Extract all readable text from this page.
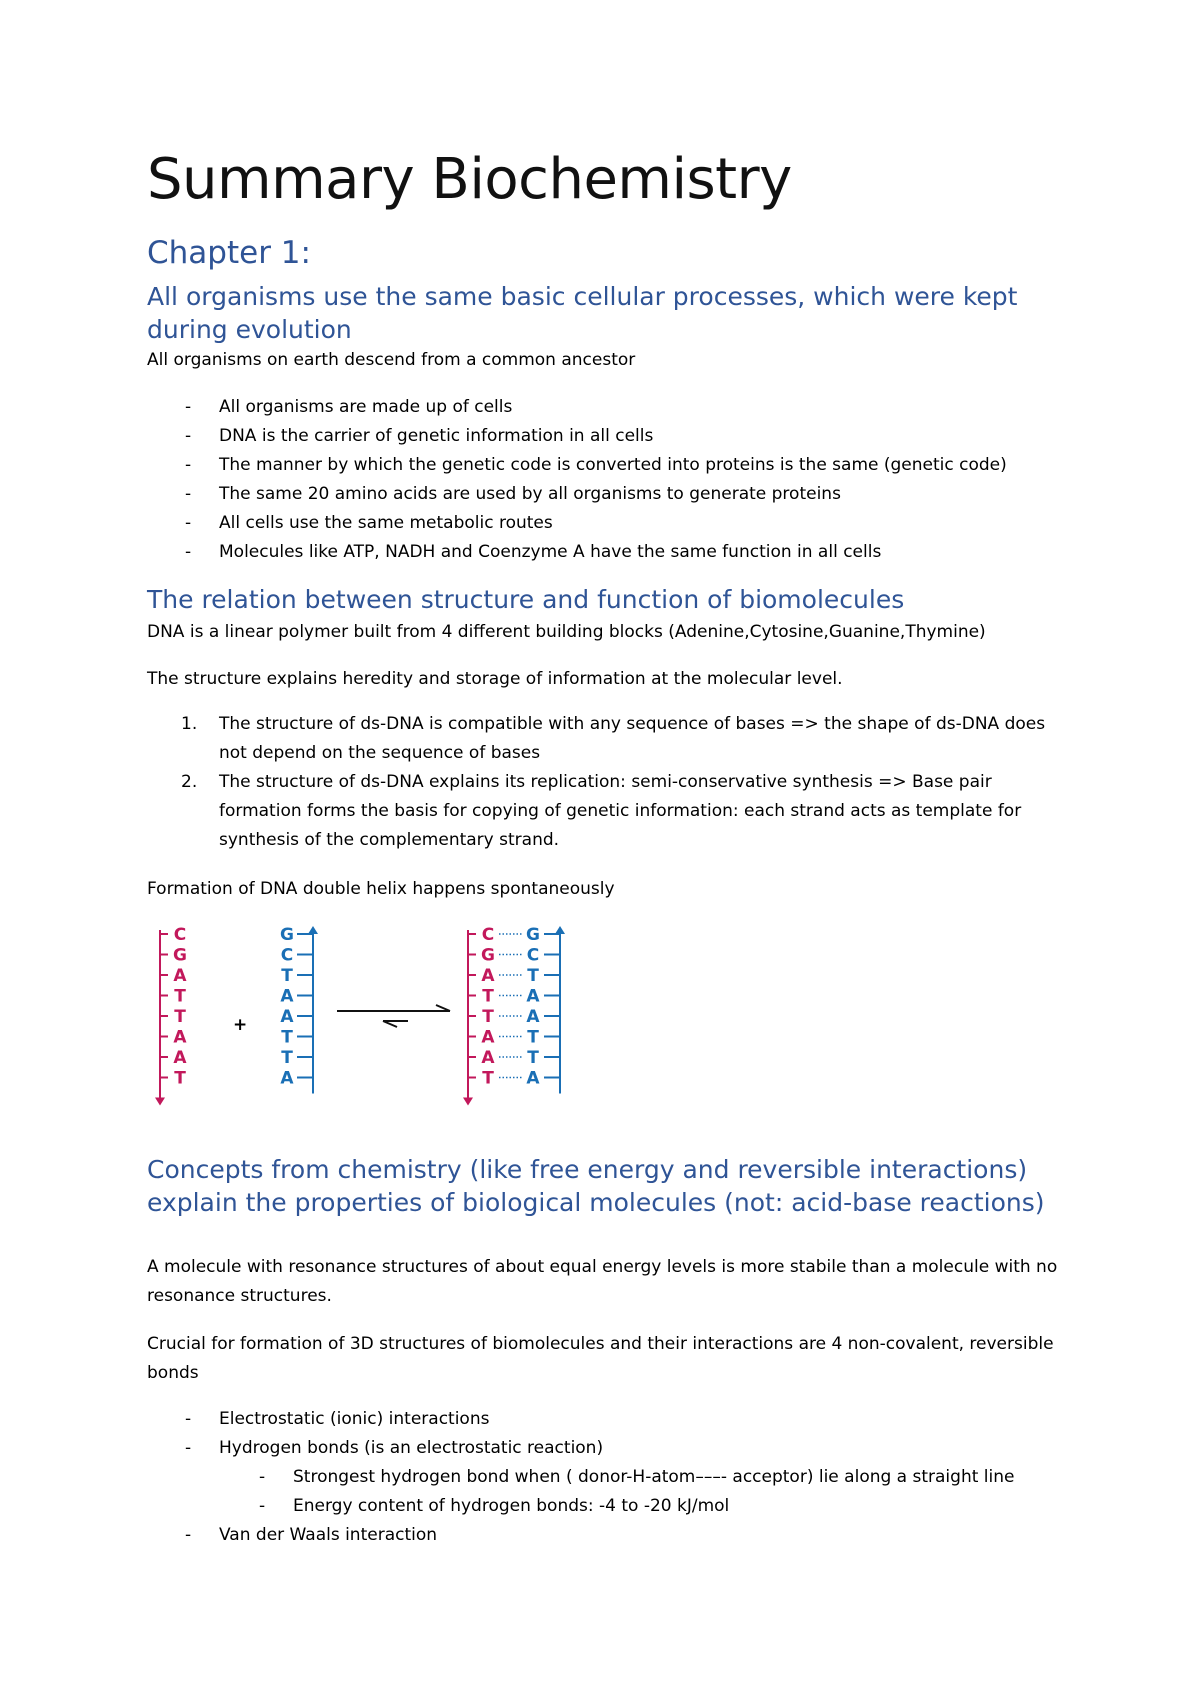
Summary Biochemistry
Chapter 1:
All organisms use the same basic cellular processes, which were kept during evolution

All organisms on earth descend from a common ancestor

- All organisms are made up of cells
- DNA is the carrier of genetic information in all cells
- The manner by which the genetic code is converted into proteins is the same (genetic code)
- The same 20 amino acids are used by all organisms to generate proteins
- All cells use the same metabolic routes
- Molecules like ATP, NADH and Coenzyme A have the same function in all cells
The relation between structure and function of biomolecules

DNA is a linear polymer built from 4 different building blocks (Adenine,Cytosine,Guanine,Thymine)

The structure explains heredity and storage of information at the molecular level.

1. The structure of ds-DNA is compatible with any sequence of bases => the shape of ds-DNA does not depend on the sequence of bases
2. The structure of ds-DNA explains its replication: semi-conservative synthesis => Base pair formation forms the basis for copying of genetic information: each strand acts as template for synthesis of the complementary strand.

Formation of DNA double helix happens spontaneously

Concepts from chemistry (like free energy and reversible interactions) explain the properties of biological molecules (not: acid-base reactions)

A molecule with resonance structures of about equal energy levels is more stabile than a molecule with no resonance structures.

Crucial for formation of 3D structures of biomolecules and their interactions are 4 non-covalent, reversible bonds

- Electrostatic (ionic) interactions
- Hydrogen bonds (is an electrostatic reaction)
- Strongest hydrogen bond when ( donor-H-atom–––- acceptor) lie along a straight line
- Energy content of hydrogen bonds: -4 to -20 kJ/mol
- Van der Waals interaction
C
G
A
T
T
A
A
T
G
C
T
A
A
T
T
A
+
C G
G C
A T
T A
T A
A T
A T
T A
